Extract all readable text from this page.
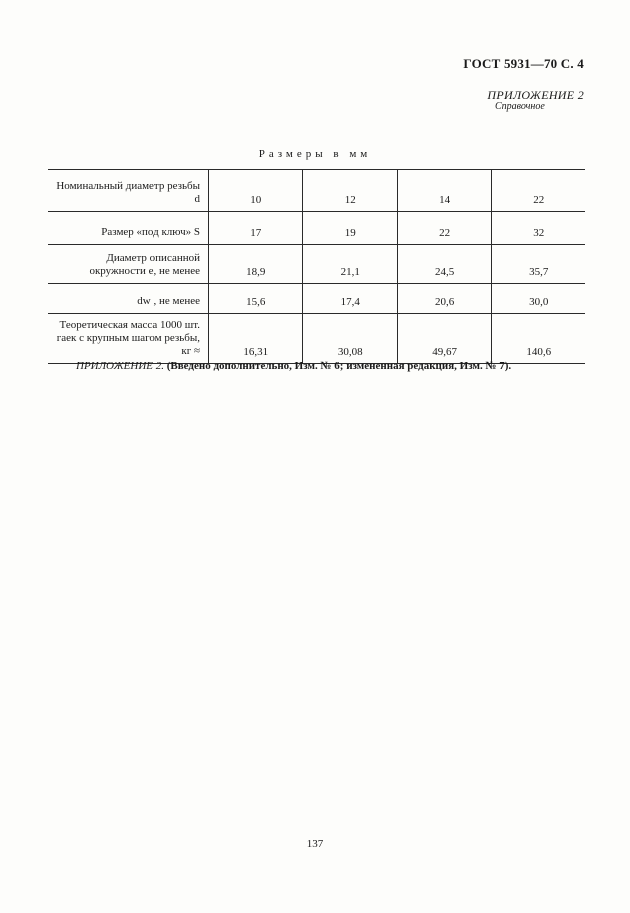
ГОСТ 5931—70 С. 4
ПРИЛОЖЕНИЕ 2
Справочное
Размеры в мм
Номинальный диаметр резьбы d	10	12	14	22
Размер «под ключ» S	17	19	22	32
Диаметр описанной окружности е, не менее	18,9	21,1	24,5	35,7
dw , не менее	15,6	17,4	20,6	30,0
Теоретическая масса 1000 шт. гаек с крупным шагом резьбы, кг ≈	16,31	30,08	49,67	140,6
ПРИЛОЖЕНИЕ 2. (Введено дополнительно, Изм. № 6; измененная редакция, Изм. № 7).
137
